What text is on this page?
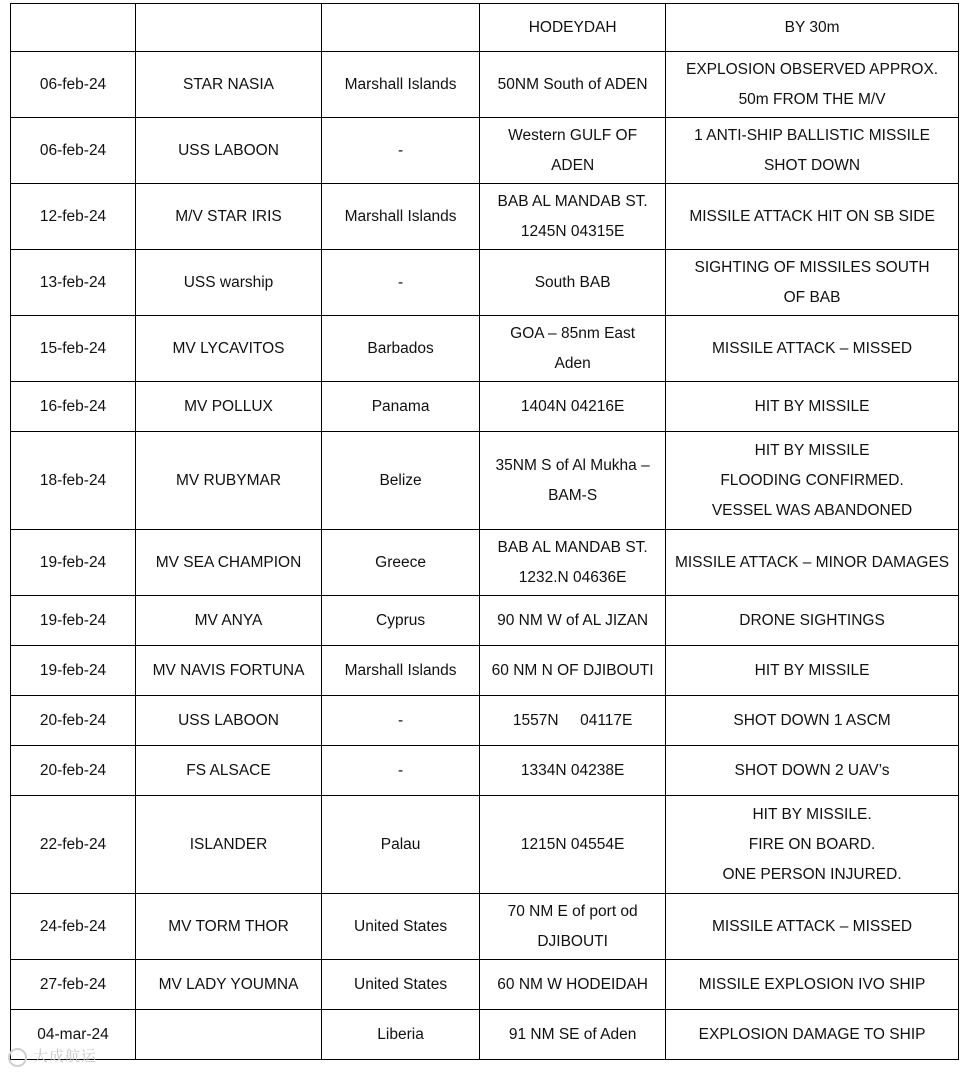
			HODEYDAH	BY 30m

06-feb-24	STAR NASIA	Marshall Islands	50NM South of ADEN	EXPLOSION OBSERVED APPROX.
50m FROM THE M/V

06-feb-24	USS LABOON	-	Western GULF OF
ADEN	1 ANTI-SHIP BALLISTIC MISSILE
SHOT DOWN

12-feb-24	M/V STAR IRIS	Marshall Islands	BAB AL MANDAB ST.
1245N 04315E	MISSILE ATTACK HIT ON SB SIDE

13-feb-24	USS warship	-	South BAB	SIGHTING OF MISSILES SOUTH
OF BAB

15-feb-24	MV LYCAVITOS	Barbados	GOA – 85nm East
Aden	MISSILE ATTACK – MISSED

16-feb-24	MV POLLUX	Panama	1404N 04216E	HIT BY MISSILE

18-feb-24	MV RUBYMAR	Belize	35NM S of Al Mukha –
BAM-S	HIT BY MISSILE
FLOODING CONFIRMED.
VESSEL WAS ABANDONED

19-feb-24	MV SEA CHAMPION	Greece	BAB AL MANDAB ST.
1232.N 04636E	MISSILE ATTACK – MINOR DAMAGES

19-feb-24	MV ANYA	Cyprus	90 NM W of AL JIZAN	DRONE SIGHTINGS

19-feb-24	MV NAVIS FORTUNA	Marshall Islands	60 NM N OF DJIBOUTI	HIT BY MISSILE

20-feb-24	USS LABOON	-	1557N     04117E	SHOT DOWN 1 ASCM

20-feb-24	FS ALSACE	-	1334N 04238E	SHOT DOWN 2 UAV’s

22-feb-24	ISLANDER	Palau	1215N 04554E	HIT BY MISSILE.
FIRE ON BOARD.
ONE PERSON INJURED.

24-feb-24	MV TORM THOR	United States	70 NM E of port od
DJIBOUTI	MISSILE ATTACK – MISSED

27-feb-24	MV LADY YOUMNA	United States	60 NM W HODEIDAH	MISSILE EXPLOSION IVO SHIP

04-mar-24		Liberia	91 NM SE of Aden	EXPLOSION DAMAGE TO SHIP
大成航运
